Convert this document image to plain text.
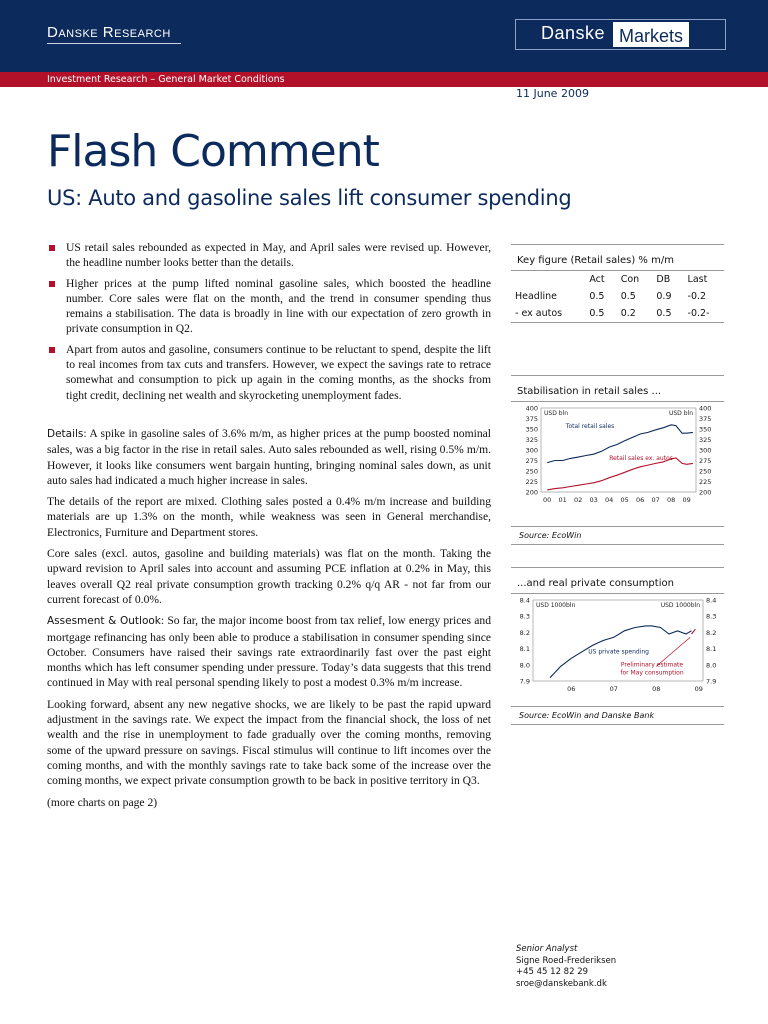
Danske Research	Danske Markets
Investment Research – General Market Conditions
11 June 2009
Flash Comment
US: Auto and gasoline sales lift consumer spending
US retail sales rebounded as expected in May, and April sales were revised up. However, the headline number looks better than the details.
Higher prices at the pump lifted nominal gasoline sales, which boosted the headline number. Core sales were flat on the month, and the trend in consumer spending thus remains a stabilisation. The data is broadly in line with our expectation of zero growth in private consumption in Q2.
Apart from autos and gasoline, consumers continue to be reluctant to spend, despite the lift to real incomes from tax cuts and transfers. However, we expect the savings rate to retrace somewhat and consumption to pick up again in the coming months, as the shocks from tight credit, declining net wealth and skyrocketing unemployment fades.

Details: A spike in gasoline sales of 3.6% m/m, as higher prices at the pump boosted nominal sales, was a big factor in the rise in retail sales. Auto sales rebounded as well, rising 0.5% m/m. However, it looks like consumers went bargain hunting, bringing nominal sales down, as unit auto sales had indicated a much higher increase in sales.

The details of the report are mixed. Clothing sales posted a 0.4% m/m increase and building materials are up 1.3% on the month, while weakness was seen in General merchandise, Electronics, Furniture and Department stores.

Core sales (excl. autos, gasoline and building materials) was flat on the month. Taking the upward revision to April sales into account and assuming PCE inflation at 0.2% in May, this leaves overall Q2 real private consumption growth tracking 0.2% q/q AR - not far from our current forecast of 0.0%.

Assesment & Outlook: So far, the major income boost from tax relief, low energy prices and mortgage refinancing has only been able to produce a stabilisation in consumer spending since October. Consumers have raised their savings rate extraordinarily fast over the past eight months which has left consumer spending under pressure. Today’s data suggests that this trend continued in May with real personal spending likely to post a modest 0.3% m/m increase.

Looking forward, absent any new negative shocks, we are likely to be past the rapid upward adjustment in the savings rate. We expect the impact from the financial shock, the loss of net wealth and the rise in unemployment to fade gradually over the coming months, removing some of the upward pressure on savings. Fiscal stimulus will continue to lift incomes over the coming months, and with the monthly savings rate to take back some of the increase over the coming months, we expect private consumption growth to be back in positive territory in Q3.

(more charts on page 2)

Key figure (Retail sales) % m/m
	Act	Con	DB	Last
Headline	0.5	0.5	0.9	-0.2
- ex autos	0.5	0.2	0.5	-0.2-
Stabilisation in retail sales ...
400	400
375	375
350	350
325	325
300	300
275	275
250	250
225	225
200	200
00 01 02 03 04 05 06 07 08 09
USD bln	USD bln
Total retail sales
Retail sales ex. autos
Source: EcoWin
...and real private consumption
8.4	8.4
8.3	8.3
8.2	8.2
8.1	8.1
8.0	8.0
7.9	7.9
06	07	08	09
USD 1000bln	USD 1000bln
US private spending
Preliminary estimate
for May consumption
Source: EcoWin and Danske Bank
Senior Analyst
Signe Roed-Frederiksen
+45 45 12 82 29
sroe@danskebank.dk
